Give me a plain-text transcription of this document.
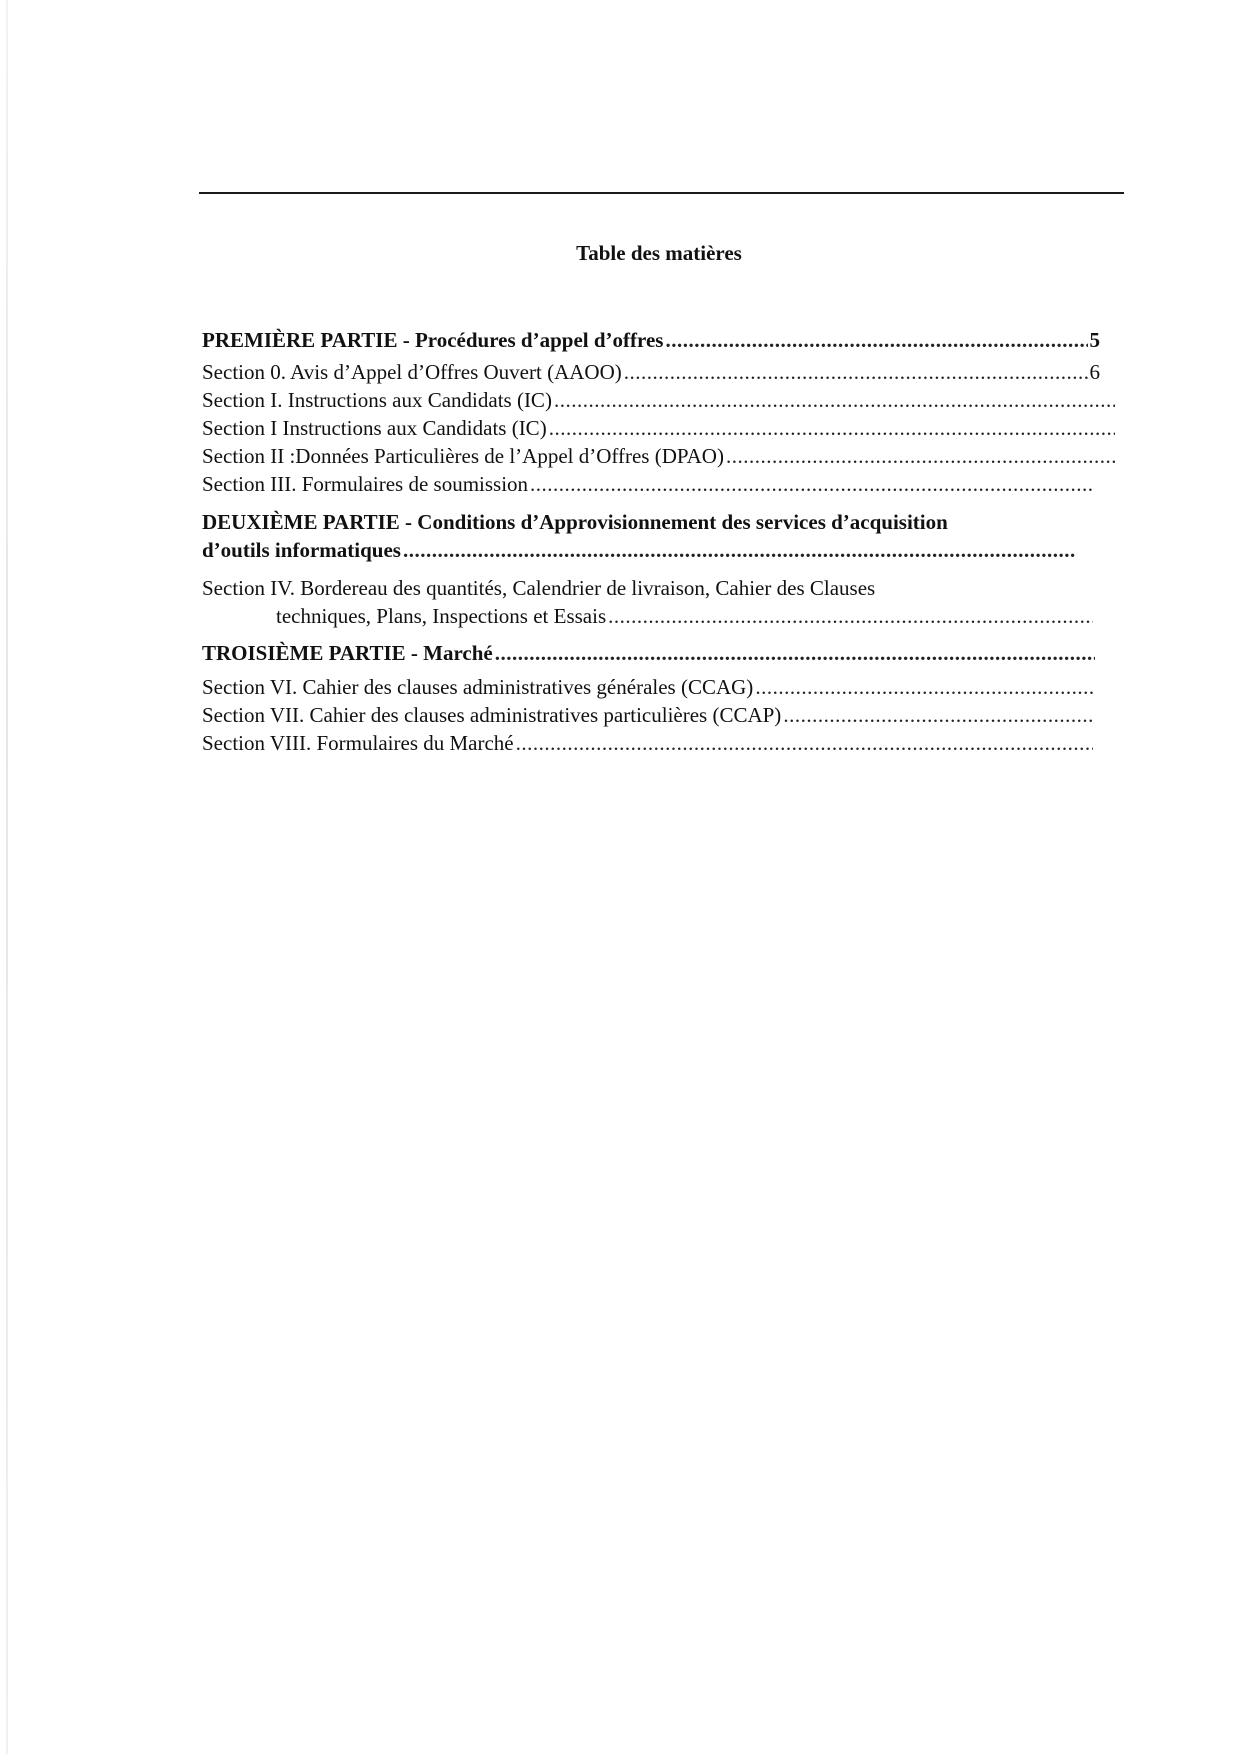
Table des matières
PREMIÈRE PARTIE - Procédures d’appel d’offres .....	5
Section 0. Avis d’Appel d’Offres Ouvert (AAOO) .....	6
Section I. Instructions aux Candidats (IC)
.....
Section I Instructions aux Candidats (IC)
.....
Section II :Données Particulières de l’Appel d’Offres (DPAO)
.....
Section III. Formulaires de soumission
.....
DEUXIÈME PARTIE - Conditions d’Approvisionnement des services d’acquisition
d’outils informatiques
.....
Section IV. Bordereau des quantités, Calendrier de livraison, Cahier des Clauses
techniques, Plans, Inspections et Essais
.....
TROISIÈME PARTIE - Marché
.....
Section VI. Cahier des clauses administratives générales (CCAG)
.....
Section VII. Cahier des clauses administratives particulières (CCAP)
.....
Section VIII. Formulaires du Marché
.....
